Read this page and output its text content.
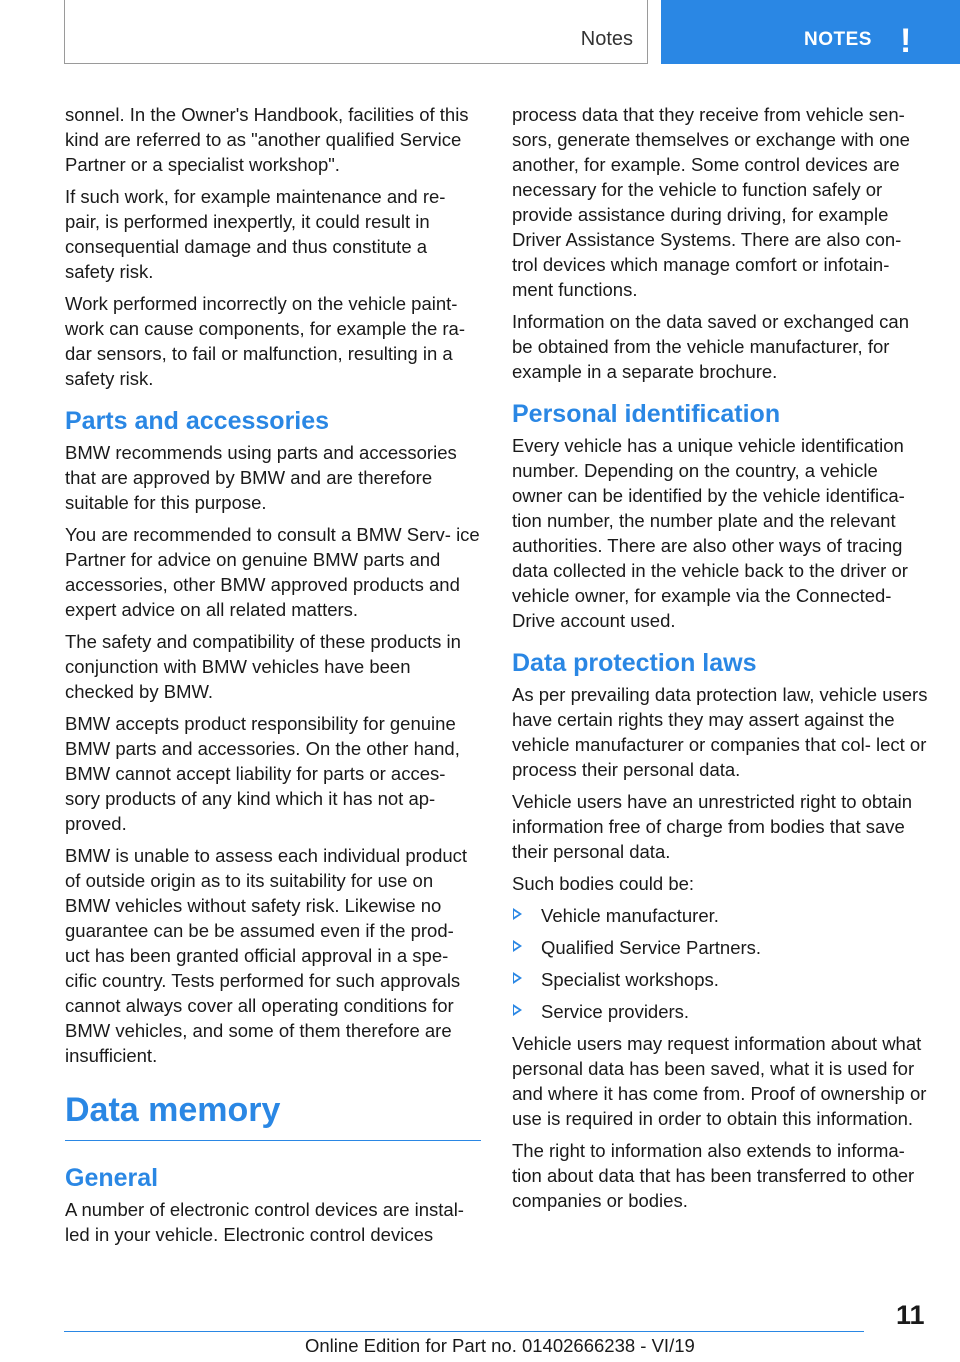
Notes	NOTES !

sonnel. In the Owner's Handbook, facilities of this kind are referred to as "another qualified Service Partner or a specialist workshop".

If such work, for example maintenance and re‐ pair, is performed inexpertly, it could result in consequential damage and thus constitute a safety risk.

Work performed incorrectly on the vehicle paint‐ work can cause components, for example the ra‐ dar sensors, to fail or malfunction, resulting in a safety risk.

Parts and accessories

BMW recommends using parts and accessories that are approved by BMW and are therefore suitable for this purpose.

You are recommended to consult a BMW Serv‐ ice Partner for advice on genuine BMW parts and accessories, other BMW approved products and expert advice on all related matters.

The safety and compatibility of these products in conjunction with BMW vehicles have been checked by BMW.

BMW accepts product responsibility for genuine BMW parts and accessories. On the other hand, BMW cannot accept liability for parts or acces‐ sory products of any kind which it has not ap‐ proved.

BMW is unable to assess each individual product of outside origin as to its suitability for use on BMW vehicles without safety risk. Likewise no guarantee can be be assumed even if the prod‐ uct has been granted official approval in a spe‐ cific country. Tests performed for such approvals cannot always cover all operating conditions for BMW vehicles, and some of them therefore are insufficient.

Data memory
General

A number of electronic control devices are instal‐ led in your vehicle. Electronic control devices

process data that they receive from vehicle sen‐ sors, generate themselves or exchange with one another, for example. Some control devices are necessary for the vehicle to function safely or provide assistance during driving, for example Driver Assistance Systems. There are also con‐ trol devices which manage comfort or infotain‐ ment functions.

Information on the data saved or exchanged can be obtained from the vehicle manufacturer, for example in a separate brochure.

Personal identification

Every vehicle has a unique vehicle identification number. Depending on the country, a vehicle owner can be identified by the vehicle identifica‐ tion number, the number plate and the relevant authorities. There are also other ways of tracing data collected in the vehicle back to the driver or vehicle owner, for example via the Connected‐ Drive account used.

Data protection laws

As per prevailing data protection law, vehicle users have certain rights they may assert against the vehicle manufacturer or companies that col‐ lect or process their personal data.

Vehicle users have an unrestricted right to obtain information free of charge from bodies that save their personal data.

Such bodies could be:

Vehicle manufacturer.
Qualified Service Partners.
Specialist workshops.
Service providers.

Vehicle users may request information about what personal data has been saved, what it is used for and where it has come from. Proof of ownership or use is required in order to obtain this information.

The right to information also extends to informa‐ tion about data that has been transferred to other companies or bodies.

11
Online Edition for Part no. 01402666238 - VI/19
